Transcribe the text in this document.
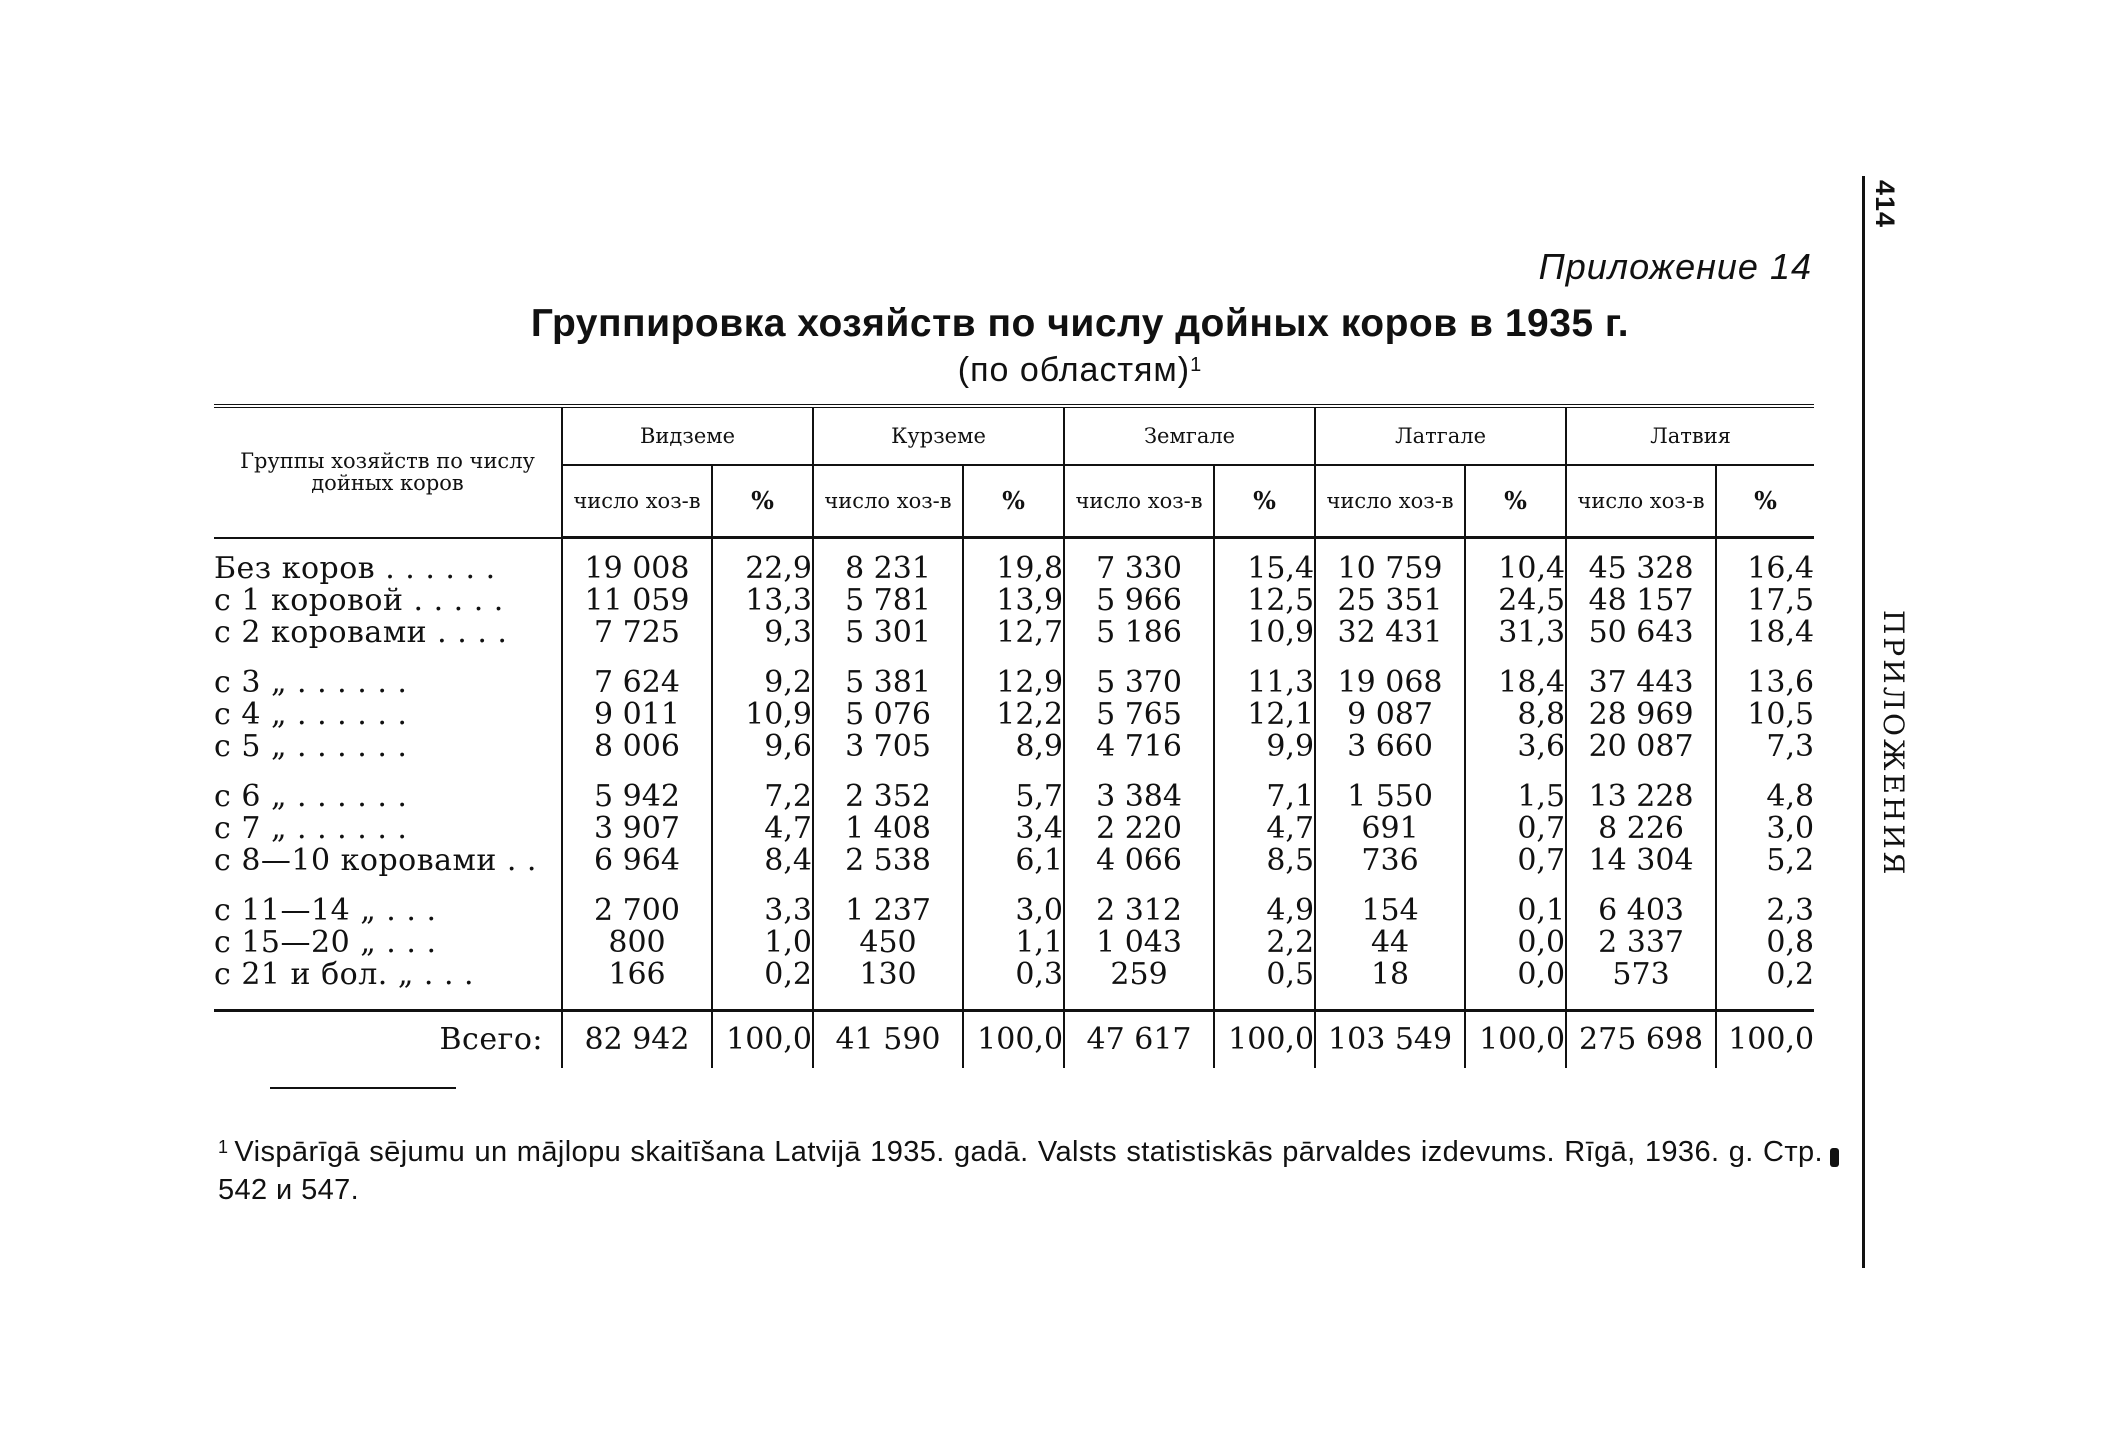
Приложение 14
Группировка хозяйств по числу дойных коров в 1935 г.
(по областям)$^1$
414
ПРИЛОЖЕНИЯ
Группы хозяйств по числу дойных коров	Видземе		Курземе		Земгале		Латгале		Латвия	
	число хоз-в	%	число хоз-в	%	число хоз-в	%	число хоз-в	%	число хоз-в	%

Без коров . . . . . .	19 008	22,9	8 231	19,8	7 330	15,4	10 759	10,4	45 328	16,4
с 1 коровой . . . . .	11 059	13,3	5 781	13,9	5 966	12,5	25 351	24,5	48 157	17,5
с 2 коровами . . . .	7 725	9,3	5 301	12,7	5 186	10,9	32 431	31,3	50 643	18,4

с 3 „ . . . . . .	7 624	9,2	5 381	12,9	5 370	11,3	19 068	18,4	37 443	13,6
с 4 „ . . . . . .	9 011	10,9	5 076	12,2	5 765	12,1	9 087	8,8	28 969	10,5
с 5 „ . . . . . .	8 006	9,6	3 705	8,9	4 716	9,9	3 660	3,6	20 087	7,3

с 6 „ . . . . . .	5 942	7,2	2 352	5,7	3 384	7,1	1 550	1,5	13 228	4,8
с 7 „ . . . . . .	3 907	4,7	1 408	3,4	2 220	4,7	691	0,7	8 226	3,0
с 8—10 коровами . .	6 964	8,4	2 538	6,1	4 066	8,5	736	0,7	14 304	5,2

с 11—14 „ . . .	2 700	3,3	1 237	3,0	2 312	4,9	154	0,1	6 403	2,3
с 15—20 „ . . .	800	1,0	450	1,1	1 043	2,2	44	0,0	2 337	0,8
с 21 и бол. „ . . .	166	0,2	130	0,3	259	0,5	18	0,0	573	0,2

Всего:	82 942	100,0	41 590	100,0	47 617	100,0	103 549	100,0	275 698	100,0
$^1$ Vispārīgā sējumu un mājlopu skaitīšana Latvijā 1935. gadā. Valsts statistiskās pārvaldes izdevums. Rīgā, 1936. g. Стр. 542 и 547.
